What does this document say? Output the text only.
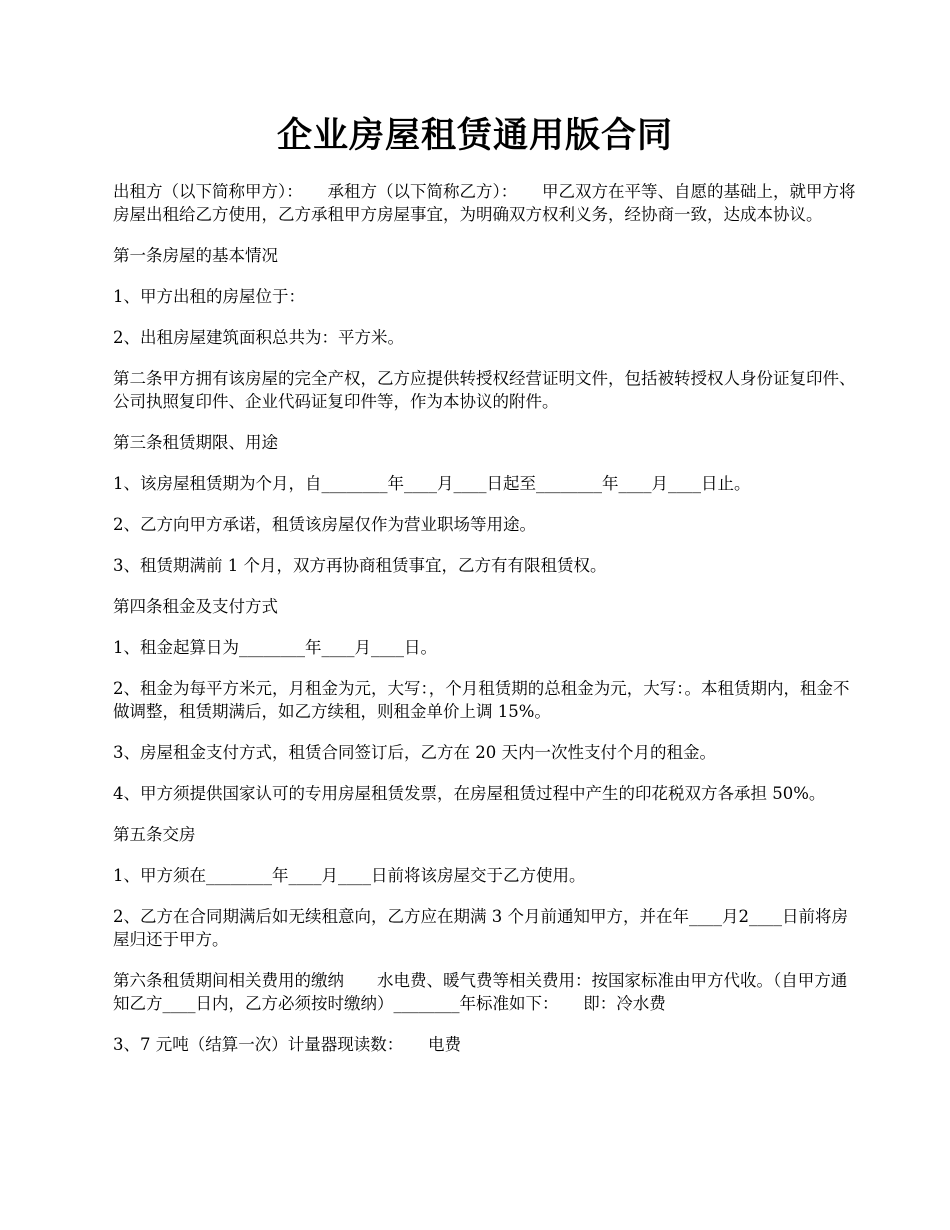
企业房屋租赁通用版合同

出租方（以下简称甲方）：　　承租方（以下简称乙方）：　　甲乙双方在平等、自愿的基础上，就甲方将房屋出租给乙方使用，乙方承租甲方房屋事宜，为明确双方权利义务，经协商一致，达成本协议。

第一条房屋的基本情况

1、甲方出租的房屋位于：

2、出租房屋建筑面积总共为：平方米。

第二条甲方拥有该房屋的完全产权，乙方应提供转授权经营证明文件，包括被转授权人身份证复印件、公司执照复印件、企业代码证复印件等，作为本协议的附件。

第三条租赁期限、用途

1、该房屋租赁期为个月，自________年____月____日起至________年____月____日止。

2、乙方向甲方承诺，租赁该房屋仅作为营业职场等用途。

3、租赁期满前 1 个月，双方再协商租赁事宜，乙方有有限租赁权。

第四条租金及支付方式

1、租金起算日为________年____月____日。

2、租金为每平方米元，月租金为元，大写：，个月租赁期的总租金为元，大写：。本租赁期内，租金不做调整，租赁期满后，如乙方续租，则租金单价上调 15%。

3、房屋租金支付方式，租赁合同签订后，乙方在 20 天内一次性支付个月的租金。

4、甲方须提供国家认可的专用房屋租赁发票，在房屋租赁过程中产生的印花税双方各承担 50%。

第五条交房

1、甲方须在________年____月____日前将该房屋交于乙方使用。

2、乙方在合同期满后如无续租意向，乙方应在期满 3 个月前通知甲方，并在年____月2____日前将房屋归还于甲方。

第六条租赁期间相关费用的缴纳　　水电费、暖气费等相关费用：按国家标准由甲方代收。（自甲方通知乙方____日内，乙方必须按时缴纳）________年标准如下：　　即：冷水费

3、7 元吨（结算一次）计量器现读数：　　电费
